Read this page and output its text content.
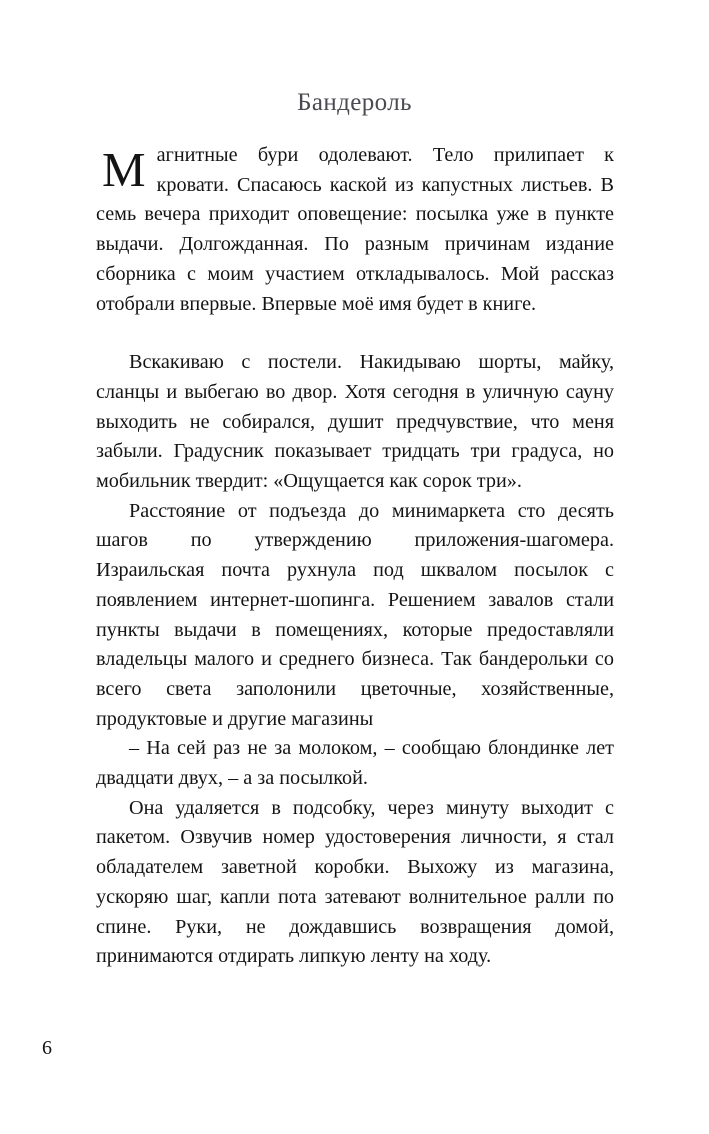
Бандероль

Магнитные бури одолевают. Тело прилипает к кровати. Спасаюсь каской из капустных листьев. В семь вечера приходит оповещение: посылка уже в пункте выдачи. Долгожданная. По разным причинам издание сборника с моим участием откладывалось. Мой рассказ отобрали впервые. Впервые моё имя будет в книге.

Вскакиваю с постели. Накидываю шорты, майку, сланцы и выбегаю во двор. Хотя сегодня в уличную сауну выходить не собирался, душит предчувствие, что меня забыли. Градусник показывает тридцать три градуса, но мобильник твердит: «Ощущается как сорок три».

Расстояние от подъезда до минимаркета сто десять шагов по утверждению приложения-шагомера. Израильская почта рухнула под шквалом посылок с появлением интернет-шопинга. Решением завалов стали пункты выдачи в помещениях, которые предоставляли владельцы малого и среднего бизнеса. Так бандерольки со всего света заполонили цветочные, хозяйственные, продуктовые и другие магазины

– На сей раз не за молоком, – сообщаю блондинке лет двадцати двух, – а за посылкой.

Она удаляется в подсобку, через минуту выходит с пакетом. Озвучив номер удостоверения личности, я стал обладателем заветной коробки. Выхожу из магазина, ускоряю шаг, капли пота затевают волнительное ралли по спине. Руки, не дождавшись возвращения домой, принимаются отдирать липкую ленту на ходу.

6
